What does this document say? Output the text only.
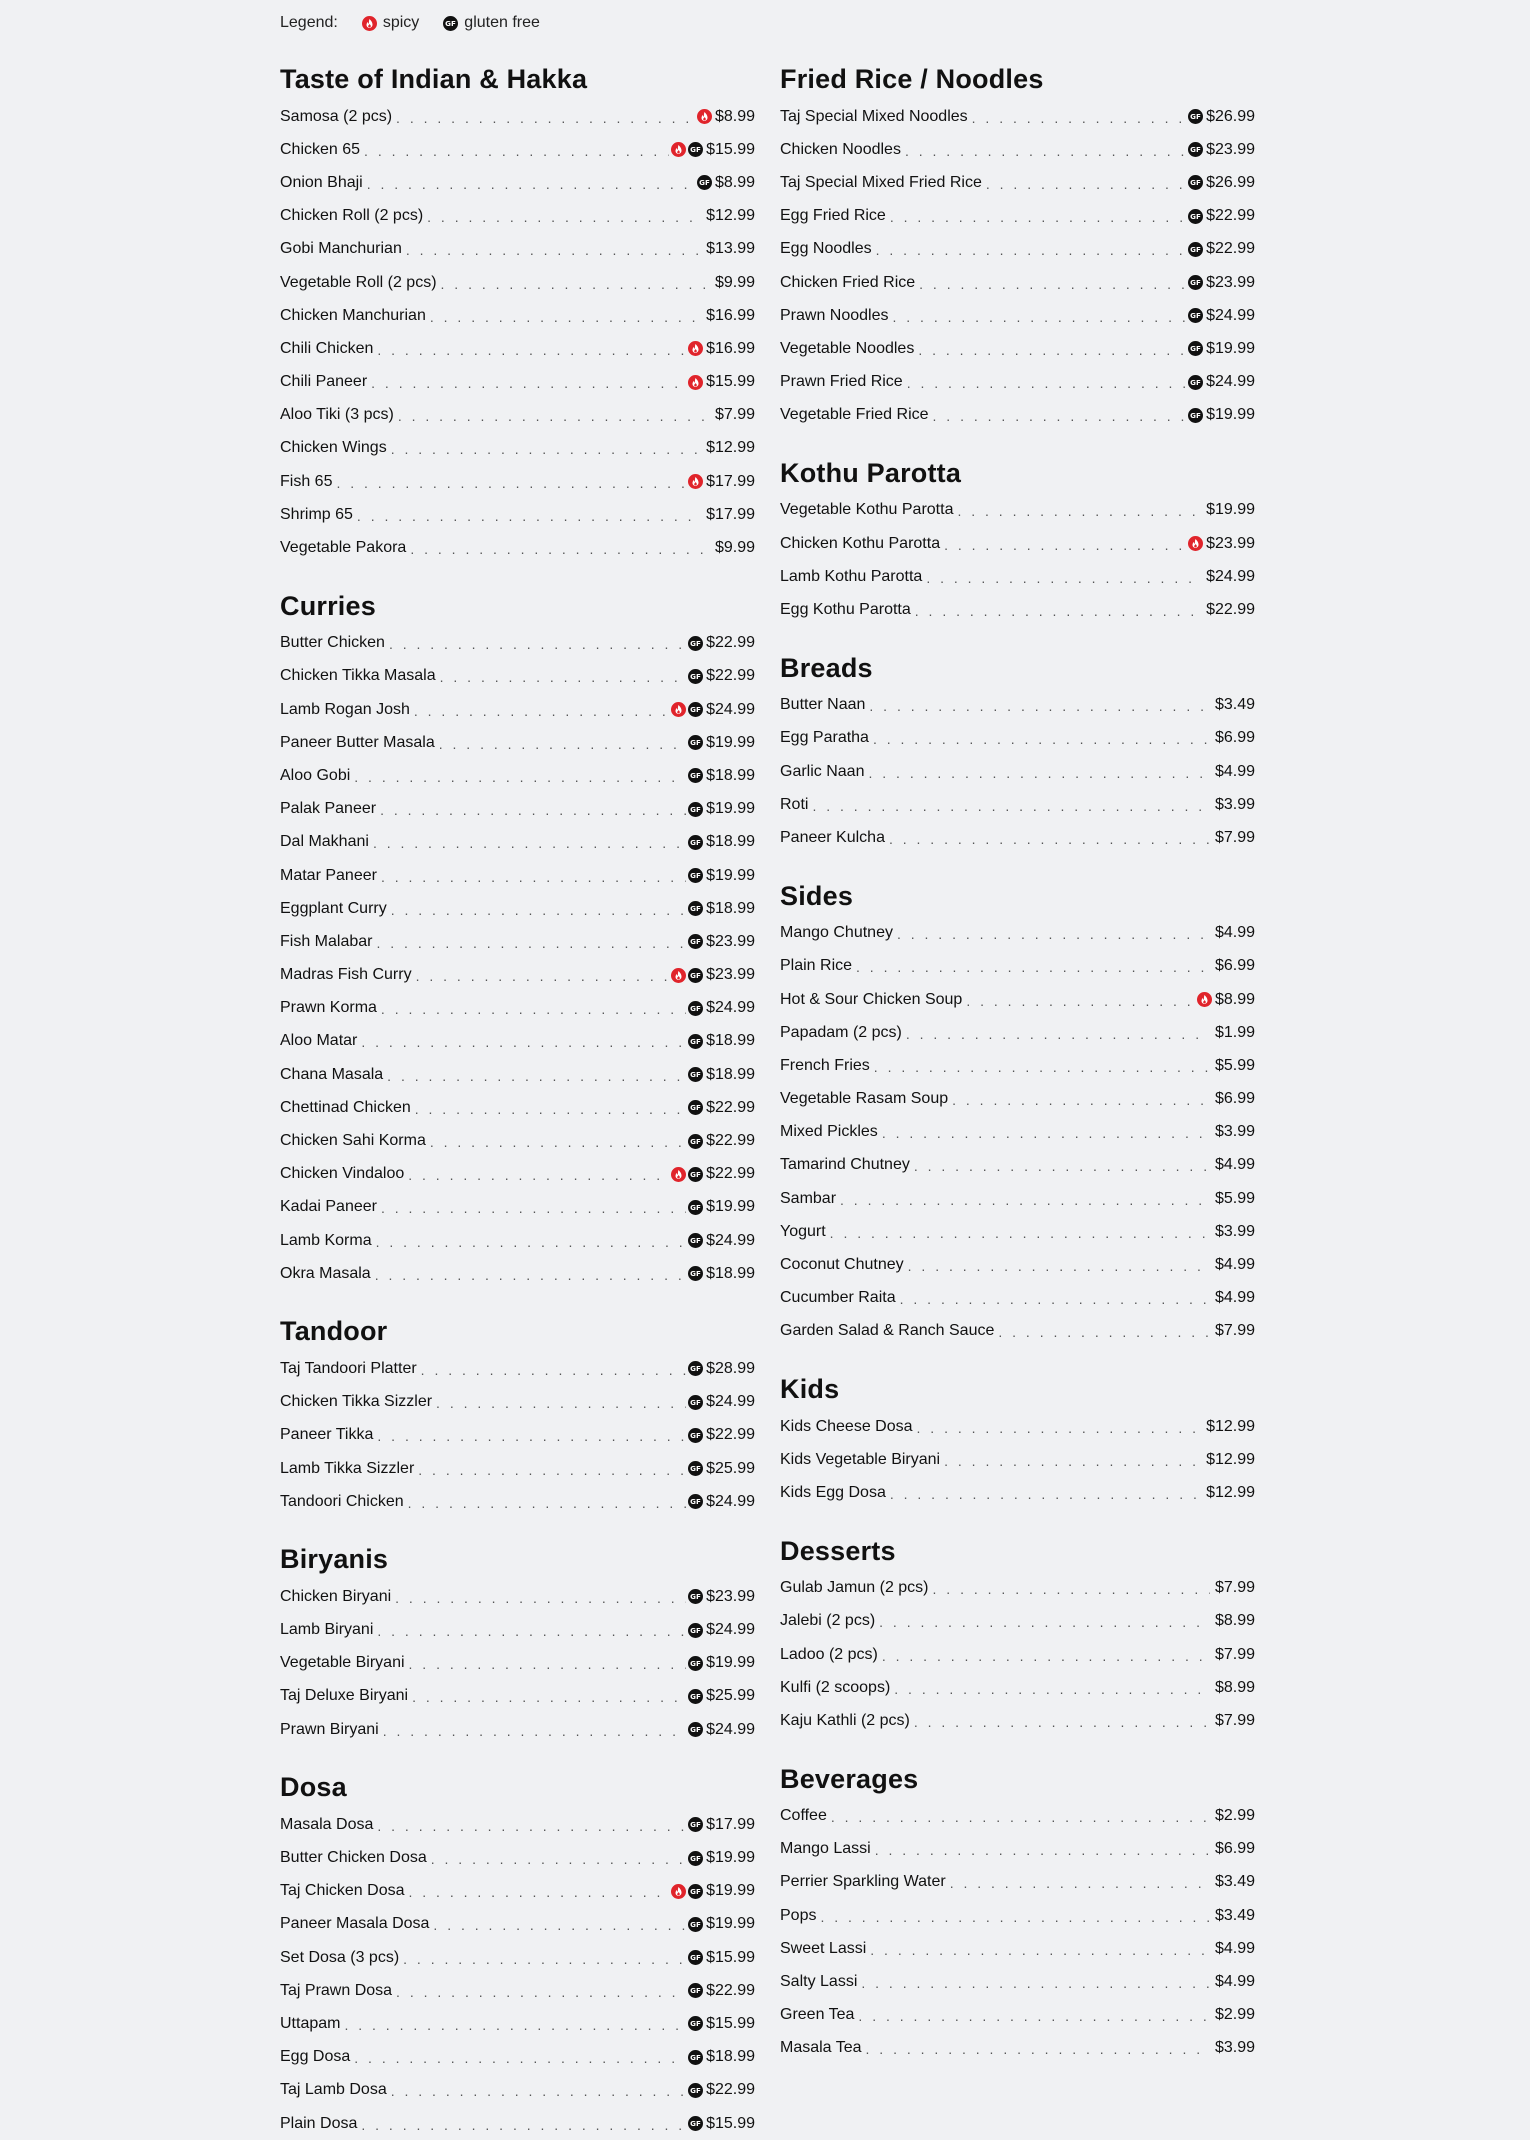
Legend:	spicy	GF gluten free
Taste of Indian & Hakka
Samosa (2 pcs) . . .	$8.99
Chicken 65 . . .	GF $15.99
Onion Bhaji . . .	GF $8.99
Chicken Roll (2 pcs) . . .	$12.99
Gobi Manchurian . . .	$13.99
Vegetable Roll (2 pcs) . . .	$9.99
Chicken Manchurian . . .	$16.99
Chili Chicken . . .	$16.99
Chili Paneer . . .	$15.99
Aloo Tiki (3 pcs) . . .	$7.99
Chicken Wings . . .	$12.99
Fish 65 . . .	$17.99
Shrimp 65 . . .	$17.99
Vegetable Pakora . . .	$9.99
Curries
Butter Chicken . . .	GF $22.99
Chicken Tikka Masala . . .	GF $22.99
Lamb Rogan Josh . . .	GF $24.99
Paneer Butter Masala . . .	GF $19.99
Aloo Gobi . . .	GF $18.99
Palak Paneer . . .	GF $19.99
Dal Makhani . . .	GF $18.99
Matar Paneer . . .	GF $19.99
Eggplant Curry . . .	GF $18.99
Fish Malabar . . .	GF $23.99
Madras Fish Curry . . .	GF $23.99
Prawn Korma . . .	GF $24.99
Aloo Matar . . .	GF $18.99
Chana Masala . . .	GF $18.99
Chettinad Chicken . . .	GF $22.99
Chicken Sahi Korma . . .	GF $22.99
Chicken Vindaloo . . .	GF $22.99
Kadai Paneer . . .	GF $19.99
Lamb Korma . . .	GF $24.99
Okra Masala . . .	GF $18.99
Tandoor
Taj Tandoori Platter . . .	GF $28.99
Chicken Tikka Sizzler . . .	GF $24.99
Paneer Tikka . . .	GF $22.99
Lamb Tikka Sizzler . . .	GF $25.99
Tandoori Chicken . . .	GF $24.99
Biryanis
Chicken Biryani . . .	GF $23.99
Lamb Biryani . . .	GF $24.99
Vegetable Biryani . . .	GF $19.99
Taj Deluxe Biryani . . .	GF $25.99
Prawn Biryani . . .	GF $24.99
Dosa
Masala Dosa . . .	GF $17.99
Butter Chicken Dosa . . .	GF $19.99
Taj Chicken Dosa . . .	GF $19.99
Paneer Masala Dosa . . .	GF $19.99
Set Dosa (3 pcs) . . .	GF $15.99
Taj Prawn Dosa . . .	GF $22.99
Uttapam . . .	GF $15.99
Egg Dosa . . .	GF $18.99
Taj Lamb Dosa . . .	GF $22.99
Plain Dosa . . .	GF $15.99
Fried Rice / Noodles
Taj Special Mixed Noodles . . .	GF $26.99
Chicken Noodles . . .	GF $23.99
Taj Special Mixed Fried Rice . . .	GF $26.99
Egg Fried Rice . . .	GF $22.99
Egg Noodles . . .	GF $22.99
Chicken Fried Rice . . .	GF $23.99
Prawn Noodles . . .	GF $24.99
Vegetable Noodles . . .	GF $19.99
Prawn Fried Rice . . .	GF $24.99
Vegetable Fried Rice . . .	GF $19.99
Kothu Parotta
Vegetable Kothu Parotta . . .	$19.99
Chicken Kothu Parotta . . .	$23.99
Lamb Kothu Parotta . . .	$24.99
Egg Kothu Parotta . . .	$22.99
Breads
Butter Naan . . .	$3.49
Egg Paratha . . .	$6.99
Garlic Naan . . .	$4.99
Roti . . .	$3.99
Paneer Kulcha . . .	$7.99
Sides
Mango Chutney . . .	$4.99
Plain Rice . . .	$6.99
Hot & Sour Chicken Soup . . .	$8.99
Papadam (2 pcs) . . .	$1.99
French Fries . . .	$5.99
Vegetable Rasam Soup . . .	$6.99
Mixed Pickles . . .	$3.99
Tamarind Chutney . . .	$4.99
Sambar . . .	$5.99
Yogurt . . .	$3.99
Coconut Chutney . . .	$4.99
Cucumber Raita . . .	$4.99
Garden Salad & Ranch Sauce . . .	$7.99
Kids
Kids Cheese Dosa . . .	$12.99
Kids Vegetable Biryani . . .	$12.99
Kids Egg Dosa . . .	$12.99
Desserts
Gulab Jamun (2 pcs) . . .	$7.99
Jalebi (2 pcs) . . .	$8.99
Ladoo (2 pcs) . . .	$7.99
Kulfi (2 scoops) . . .	$8.99
Kaju Kathli (2 pcs) . . .	$7.99
Beverages
Coffee . . .	$2.99
Mango Lassi . . .	$6.99
Perrier Sparkling Water . . .	$3.49
Pops . . .	$3.49
Sweet Lassi . . .	$4.99
Salty Lassi . . .	$4.99
Green Tea . . .	$2.99
Masala Tea . . .	$3.99
